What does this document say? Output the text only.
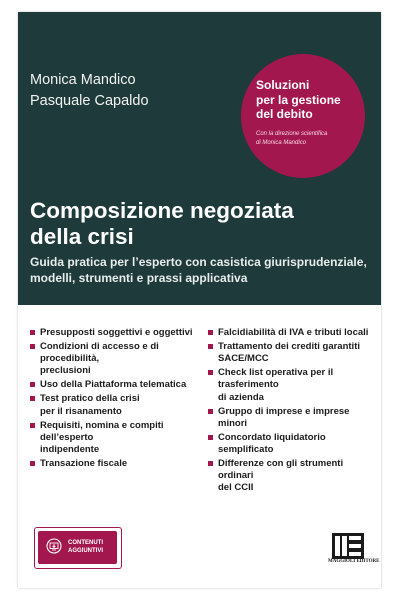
Monica Mandico
Pasquale Capaldo
Soluzioni
per la gestione
del debito
Con la direzione scientifica
di Monica Mandico
Composizione negoziata
della crisi
Guida pratica per l’esperto con casistica giurisprudenziale,
modelli, strumenti e prassi applicativa
Presupposti soggettivi e oggettivi
Condizioni di accesso e di procedibilità,
preclusioni
Uso della Piattaforma telematica
Test pratico della crisi
per il risanamento
Requisiti, nomina e compiti dell’esperto
indipendente
Transazione fiscale
Falcidiabilità di IVA e tributi locali
Trattamento dei crediti garantiti
SACE/MCC
Check list operativa per il trasferimento
di azienda
Gruppo di imprese e imprese minori
Concordato liquidatorio semplificato
Differenze con gli strumenti ordinari
del CCII
CONTENUTI
AGGIUNTIVI
MAGGIOLI EDITORE
